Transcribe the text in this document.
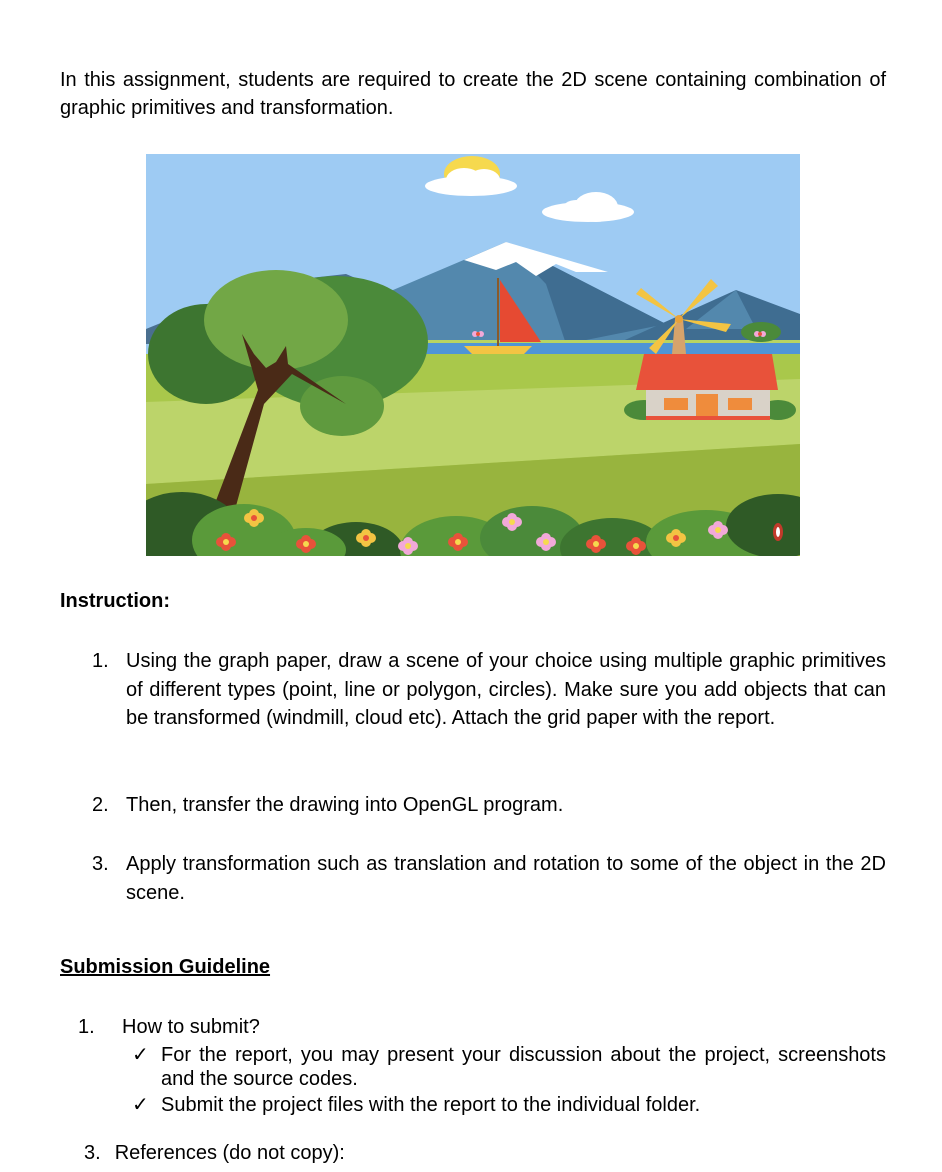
In this assignment, students are required to create the 2D scene containing combination of graphic primitives and transformation.

Instruction:
1. Using the graph paper, draw a scene of your choice using multiple graphic primitives of different types (point, line or polygon, circles). Make sure you add objects that can be transformed (windmill, cloud etc). Attach the grid paper with the report.
2. Then, transfer the drawing into OpenGL program.
3. Apply transformation such as translation and rotation to some of the object in the 2D scene.
Submission Guideline
1. How to submit?
✓ For the report, you may present your discussion about the project, screenshots and the source codes.
✓ Submit the project files with the report to the individual folder.
3. References (do not copy):
